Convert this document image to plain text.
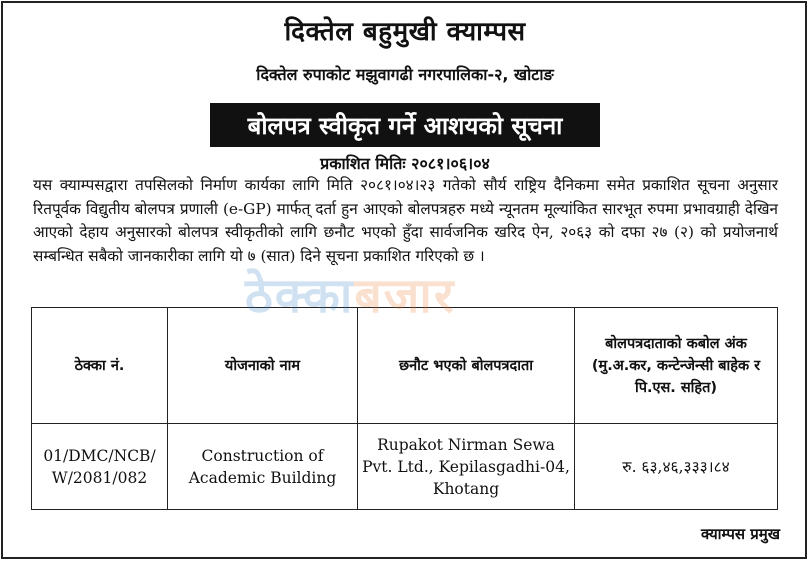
दिक्तेल बहुमुखी क्याम्पस
दिक्तेल रुपाकोट मझुवागढी नगरपालिका-२, खोटाङ
बोलपत्र स्वीकृत गर्ने आशयको सूचना
प्रकाशित मितिः २०८१।०६।०४

यस क्याम्पसद्वारा तपसिलको निर्माण कार्यका लागि मिति २०८१।०४।२३ गतेको सौर्य राष्ट्रिय दैनिकमा समेत प्रकाशित सूचना अनुसार रितपूर्वक विद्युतीय बोलपत्र प्रणाली (e-GP) मार्फत् दर्ता हुन आएको बोलपत्रहरु मध्ये न्यूनतम मूल्यांकित सारभूत रुपमा प्रभावग्राही देखिन आएको देहाय अनुसारको बोलपत्र स्वीकृतीको लागि छनौट भएको हुँदा सार्वजनिक खरिद ऐन, २०६३ को दफा २७ (२) को प्रयोजनार्थ सम्बन्धित सबैको जानकारीका लागि यो ७ (सात) दिने सूचना प्रकाशित गरिएको छ ।

ठेक्का नं.	योजनाको नाम	छनौट भएको बोलपत्रदाता	बोलपत्रदाताको कबोल अंक (मु.अ.कर, कन्टेन्जेन्सी बाहेक र पि.एस. सहित)
01/DMC/NCB/ W/2081/082	Construction of Academic Building	Rupakot Nirman Sewa Pvt. Ltd., Kepilasgadhi-04, Khotang	रु. ६३,४६,३३३।८४
ठेक्काबजार
क्याम्पस प्रमुख
